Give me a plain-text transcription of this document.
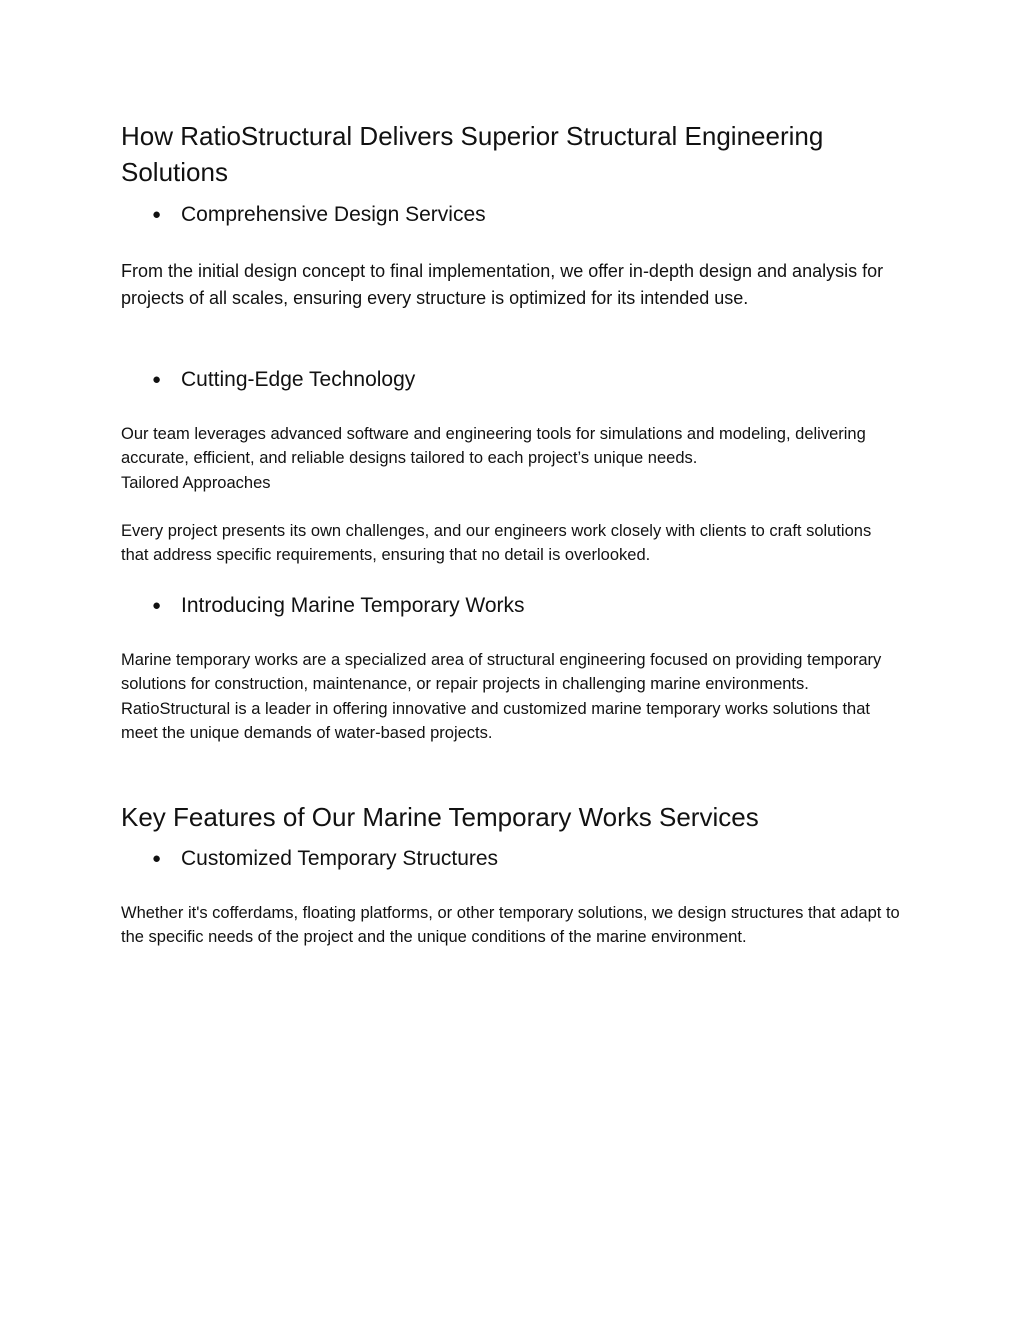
How RatioStructural Delivers Superior Structural Engineering Solutions
● Comprehensive Design Services

From the initial design concept to final implementation, we offer in-depth design and analysis for projects of all scales, ensuring every structure is optimized for its intended use.

● Cutting-Edge Technology

Our team leverages advanced software and engineering tools for simulations and modeling, delivering accurate, efficient, and reliable designs tailored to each project’s unique needs.
Tailored Approaches

Every project presents its own challenges, and our engineers work closely with clients to craft solutions that address specific requirements, ensuring that no detail is overlooked.

● Introducing Marine Temporary Works

Marine temporary works are a specialized area of structural engineering focused on providing temporary solutions for construction, maintenance, or repair projects in challenging marine environments. RatioStructural is a leader in offering innovative and customized marine temporary works solutions that meet the unique demands of water-based projects.

Key Features of Our Marine Temporary Works Services
● Customized Temporary Structures

Whether it's cofferdams, floating platforms, or other temporary solutions, we design structures that adapt to the specific needs of the project and the unique conditions of the marine environment.
